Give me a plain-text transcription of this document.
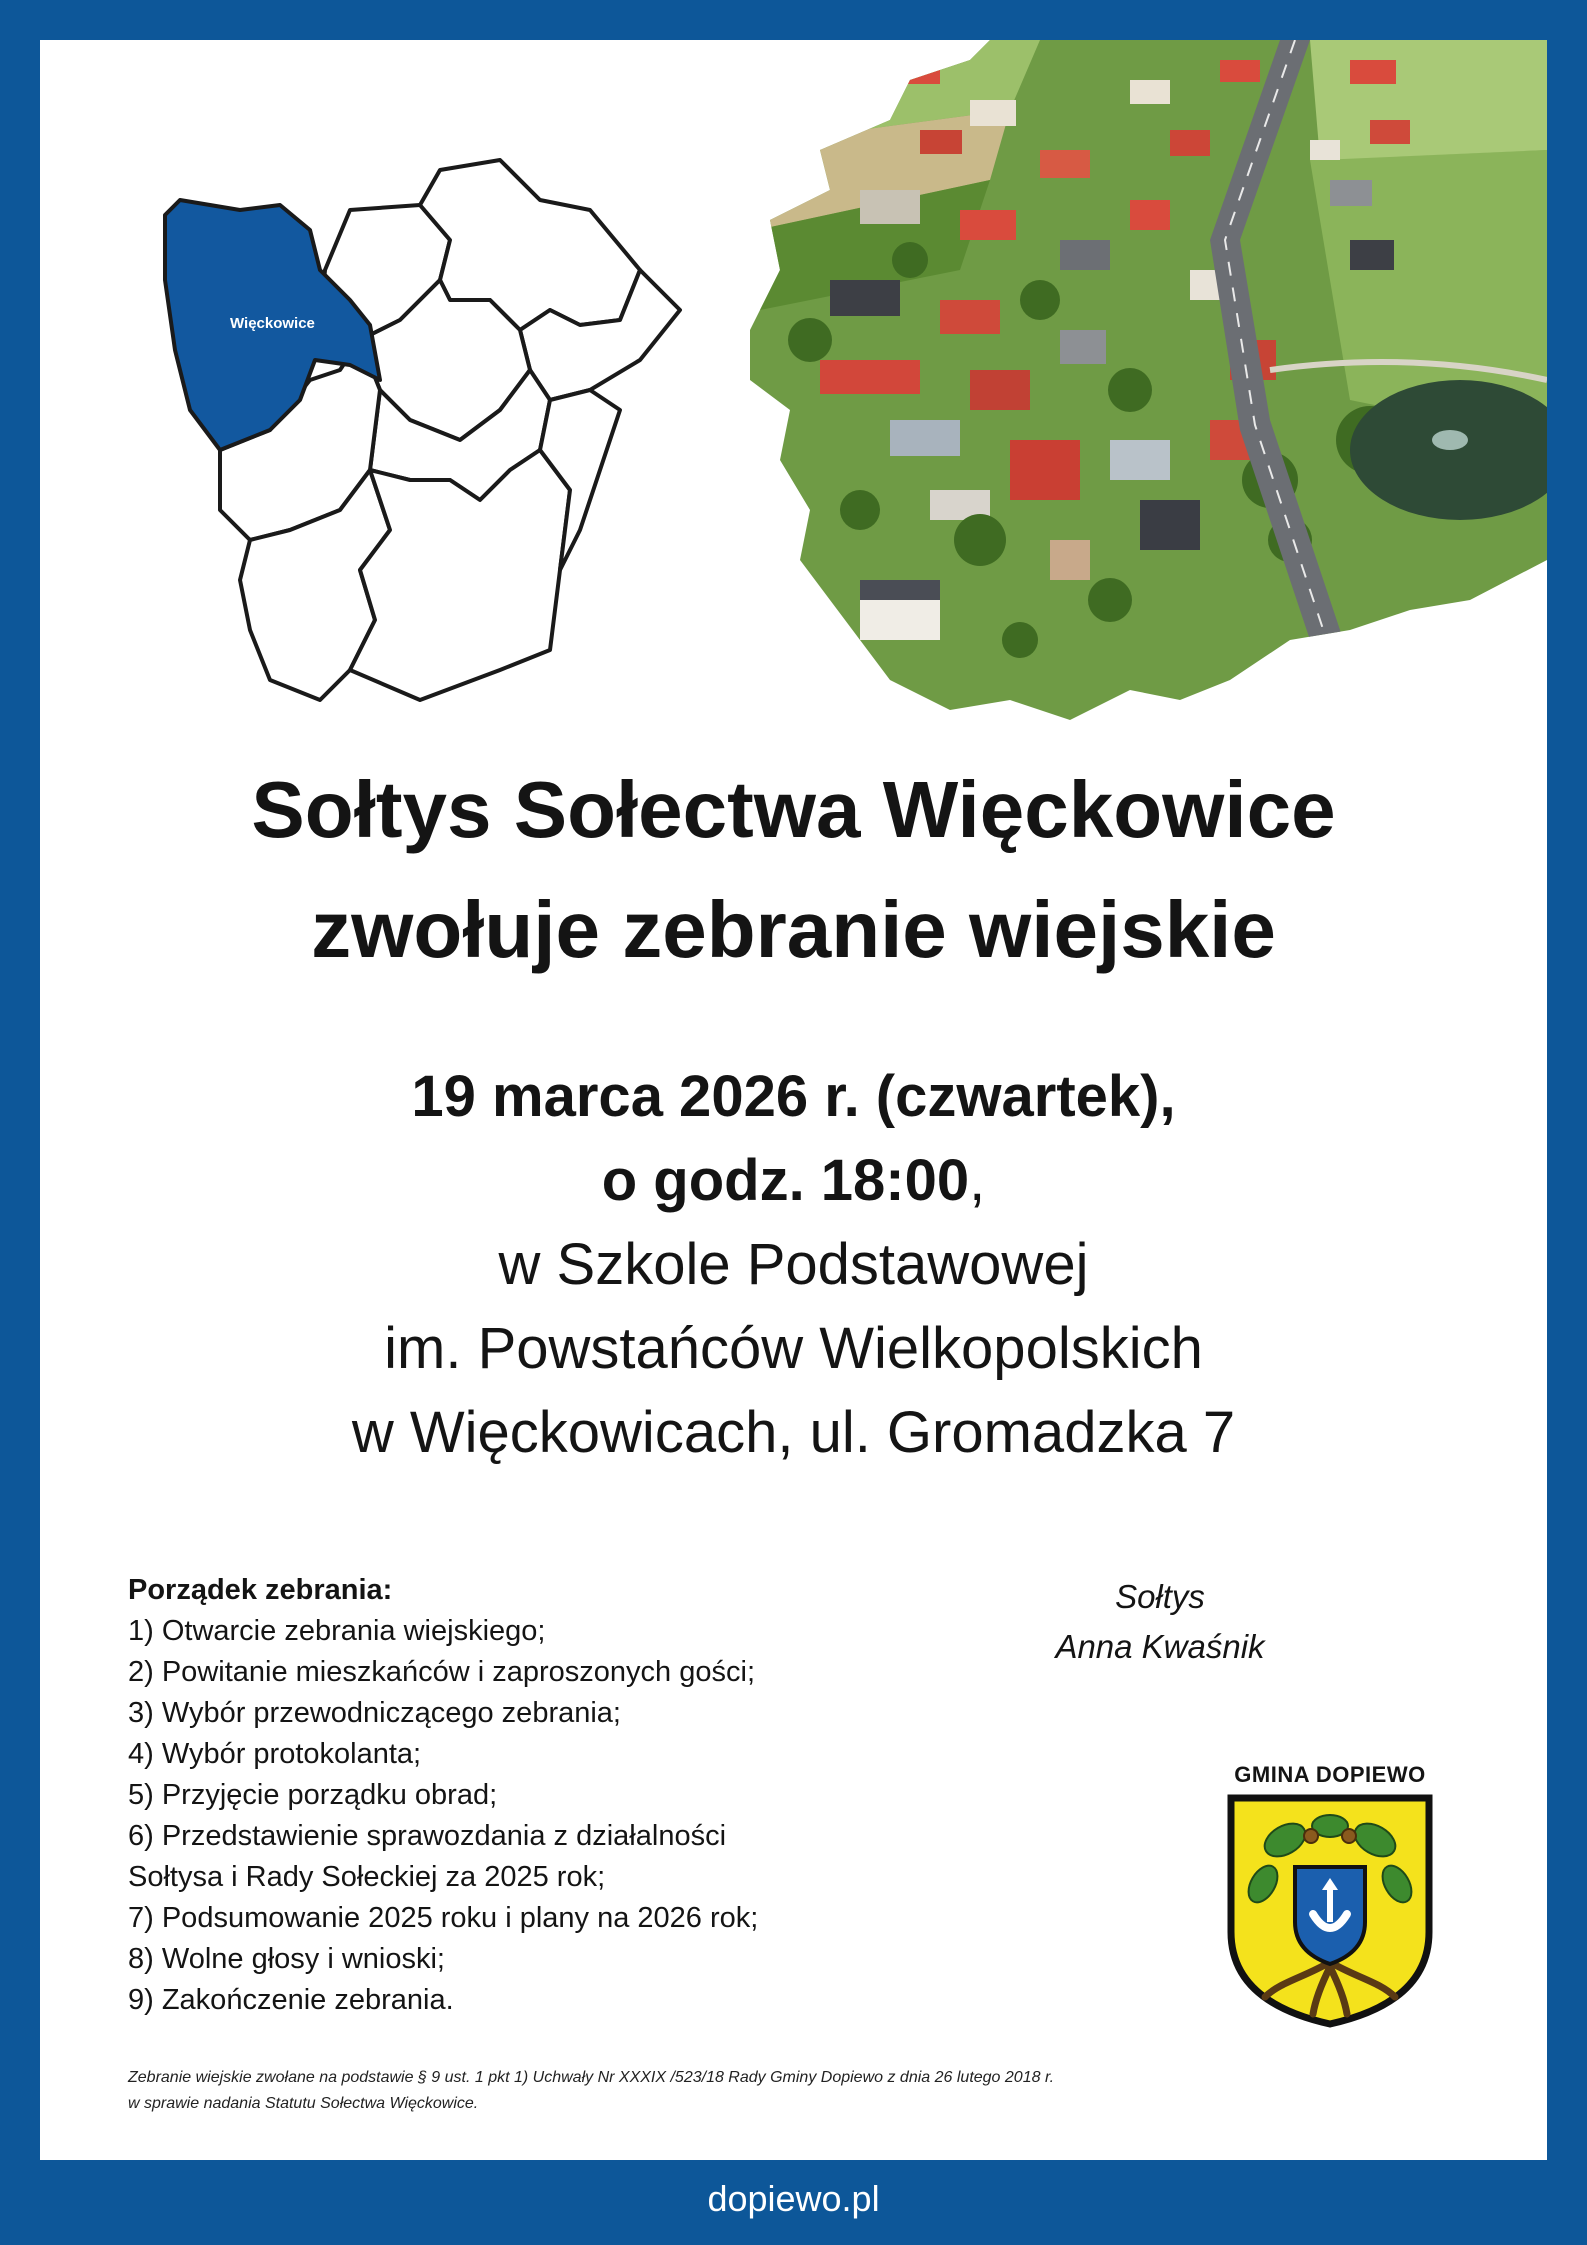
Więckowice
Sołtys Sołectwa Więckowice
zwołuje zebranie wiejskie
19 marca 2026 r. (czwartek),
o godz. 18:00,
w Szkole Podstawowej
im. Powstańców Wielkopolskich
w Więckowicach, ul. Gromadzka 7
Porządek zebrania:
1) Otwarcie zebrania wiejskiego;
2) Powitanie mieszkańców i zaproszonych gości;
3) Wybór przewodniczącego zebrania;
4) Wybór protokolanta;
5) Przyjęcie porządku obrad;
6) Przedstawienie sprawozdania z działalności
Sołtysa i Rady Sołeckiej za 2025 rok;
7) Podsumowanie 2025 roku i plany na 2026 rok;
8) Wolne głosy i wnioski;
9) Zakończenie zebrania.
Sołtys
Anna Kwaśnik
GMINA DOPIEWO
Zebranie wiejskie zwołane na podstawie § 9 ust. 1 pkt 1) Uchwały Nr XXXIX /523/18 Rady Gminy Dopiewo z dnia 26 lutego 2018 r.
w sprawie nadania Statutu Sołectwa Więckowice.
dopiewo.pl
